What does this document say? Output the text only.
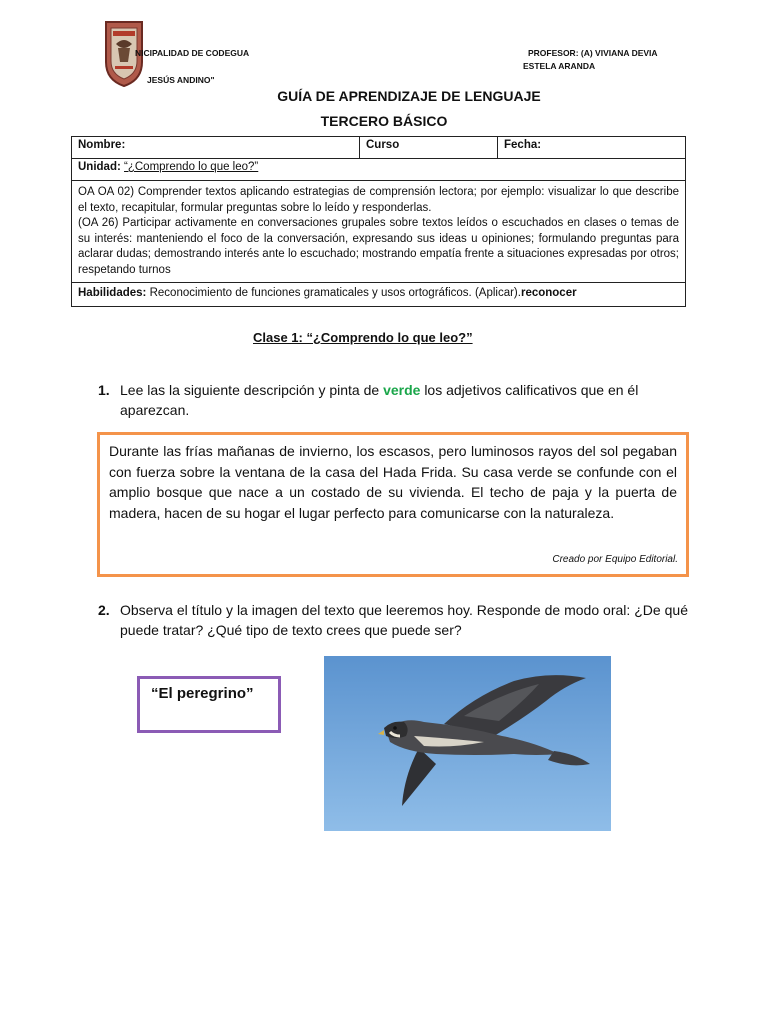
NICIPALIDAD DE CODEGUA
JESÚS ANDINO"
PROFESOR: (A) VIVIANA DEVIA
ESTELA ARANDA
GUÍA DE APRENDIZAJE DE LENGUAJE
TERCERO BÁSICO
Nombre:	Curso	Fecha:
Unidad: “¿Comprendo lo que leo?”

OA OA 02) Comprender textos aplicando estrategias de comprensión lectora; por ejemplo: visualizar lo que describe el texto, recapitular, formular preguntas sobre lo leído y responderlas.
(OA 26) Participar activamente en conversaciones grupales sobre textos leídos o escuchados en clases o temas de su interés: manteniendo el foco de la conversación, expresando sus ideas u opiniones; formulando preguntas para aclarar dudas; demostrando interés ante lo escuchado; mostrando empatía frente a situaciones expresadas por otros; respetando turnos

Habilidades: Reconocimiento de funciones gramaticales y usos ortográficos. (Aplicar).reconocer
Clase 1: “¿Comprendo lo que leo?”
1. Lee las la siguiente descripción y pinta de verde los adjetivos calificativos que en él aparezcan.

Durante las frías mañanas de invierno, los escasos, pero luminosos rayos del sol pegaban con fuerza sobre la ventana de la casa del Hada Frida. Su casa verde se confunde con el amplio bosque que nace a un costado de su vivienda. El techo de paja y la puerta de madera, hacen de su hogar el lugar perfecto para comunicarse con la naturaleza.

Creado por Equipo Editorial.
2. Observa el título y la imagen del texto que leeremos hoy. Responde de modo oral: ¿De qué puede tratar? ¿Qué tipo de texto crees que puede ser?
“El peregrino”
